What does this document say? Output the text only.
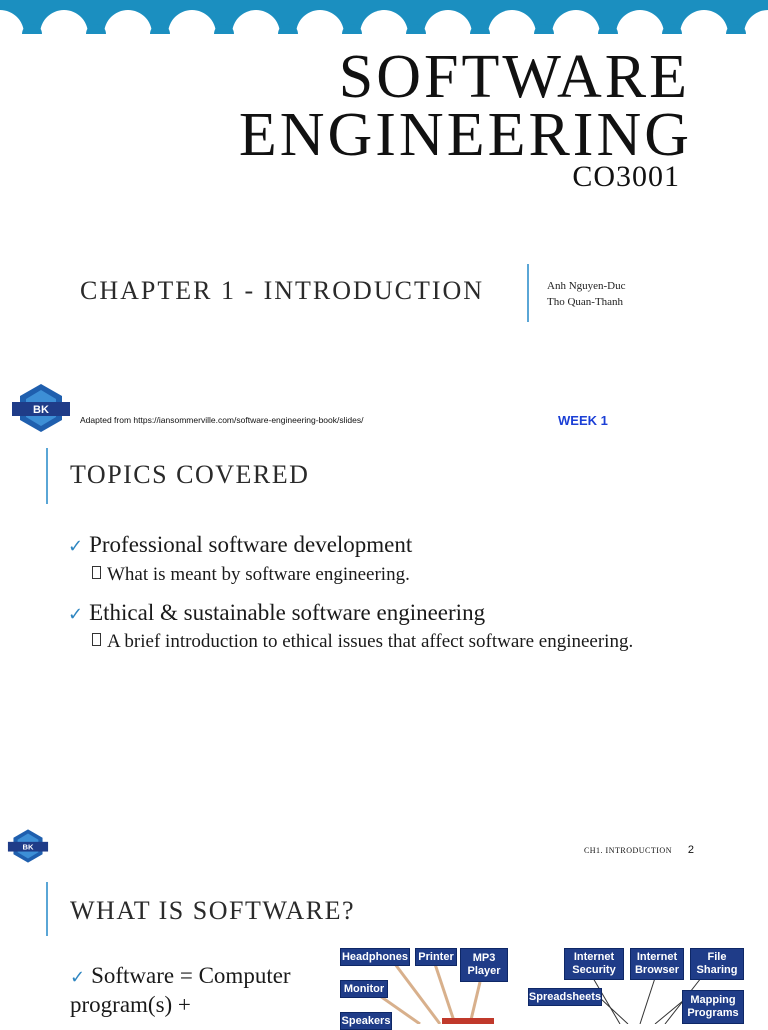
SOFTWARE
ENGINEERING
CO3001
CHAPTER 1 - INTRODUCTION	Anh Nguyen-Duc
Tho Quan-Thanh
BK
Adapted from https://iansommerville.com/software-engineering-book/slides/	WEEK 1
TOPICS COVERED
✓ Professional software development
What is meant by software engineering.
✓ Ethical & sustainable software engineering
A brief introduction to ethical issues that affect software engineering.
BK	CH1. INTRODUCTION 2
WHAT IS SOFTWARE?
✓ Software = Computer program(s) +
Headphones Printer	MP3 Player
Monitor
Speakers
Internet Security
Internet Browser
File Sharing
Spreadsheets	Mapping Programs
